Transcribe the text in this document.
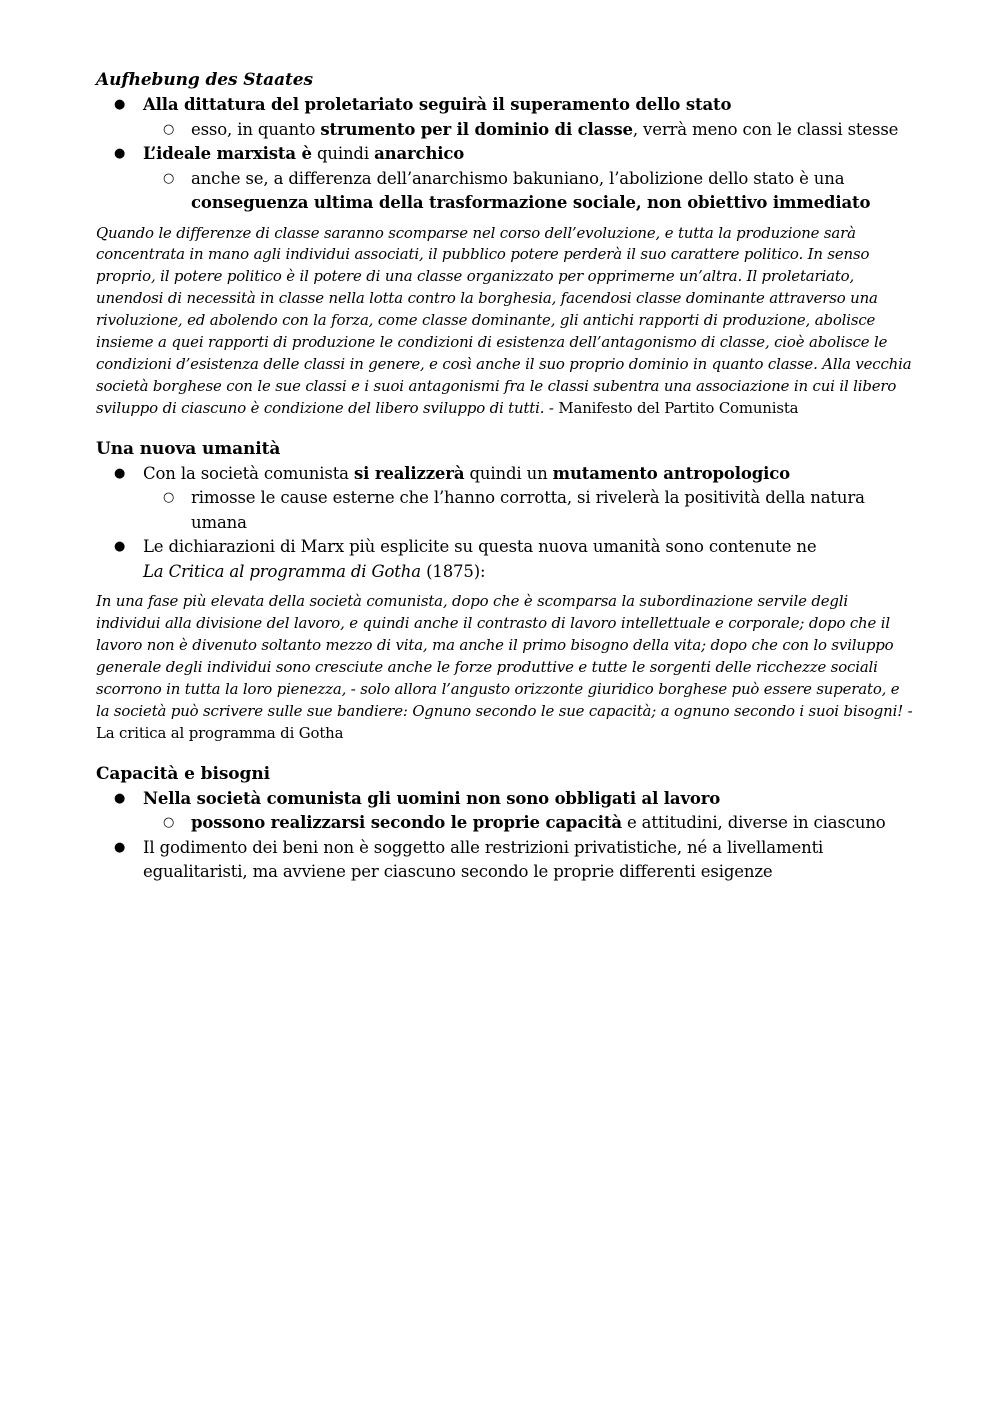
Aufhebung des Staates
● Alla dittatura del proletariato seguirà il superamento dello stato
○ esso, in quanto strumento per il dominio di classe, verrà meno con le classi stesse
● L’ideale marxista è quindi anarchico
○ anche se, a differenza dell’anarchismo bakuniano, l’abolizione dello stato è una conseguenza ultima della trasformazione sociale, non obiettivo immediato

Quando le differenze di classe saranno scomparse nel corso dell’evoluzione, e tutta la produzione sarà concentrata in mano agli individui associati, il pubblico potere perderà il suo carattere politico. In senso proprio, il potere politico è il potere di una classe organizzato per opprimerne un’altra. Il proletariato, unendosi di necessità in classe nella lotta contro la borghesia, facendosi classe dominante attraverso una rivoluzione, ed abolendo con la forza, come classe dominante, gli antichi rapporti di produzione, abolisce insieme a quei rapporti di produzione le condizioni di esistenza dell’antagonismo di classe, cioè abolisce le condizioni d’esistenza delle classi in genere, e così anche il suo proprio dominio in quanto classe. Alla vecchia società borghese con le sue classi e i suoi antagonismi fra le classi subentra una associazione in cui il libero sviluppo di ciascuno è condizione del libero sviluppo di tutti. - Manifesto del Partito Comunista

Una nuova umanità
● Con la società comunista si realizzerà quindi un mutamento antropologico
○ rimosse le cause esterne che l’hanno corrotta, si rivelerà la positività della natura umana
● Le dichiarazioni di Marx più esplicite su questa nuova umanità sono contenute ne
La Critica al programma di Gotha (1875):

In una fase più elevata della società comunista, dopo che è scomparsa la subordinazione servile degli individui alla divisione del lavoro, e quindi anche il contrasto di lavoro intellettuale e corporale; dopo che il lavoro non è divenuto soltanto mezzo di vita, ma anche il primo bisogno della vita; dopo che con lo sviluppo generale degli individui sono cresciute anche le forze produttive e tutte le sorgenti delle ricchezze sociali scorrono in tutta la loro pienezza, - solo allora l’angusto orizzonte giuridico borghese può essere superato, e la società può scrivere sulle sue bandiere: Ognuno secondo le sue capacità; a ognuno secondo i suoi bisogni! - La critica al programma di Gotha

Capacità e bisogni
● Nella società comunista gli uomini non sono obbligati al lavoro
○ possono realizzarsi secondo le proprie capacità e attitudini, diverse in ciascuno
● Il godimento dei beni non è soggetto alle restrizioni privatistiche, né a livellamenti egualitaristi, ma avviene per ciascuno secondo le proprie differenti esigenze
